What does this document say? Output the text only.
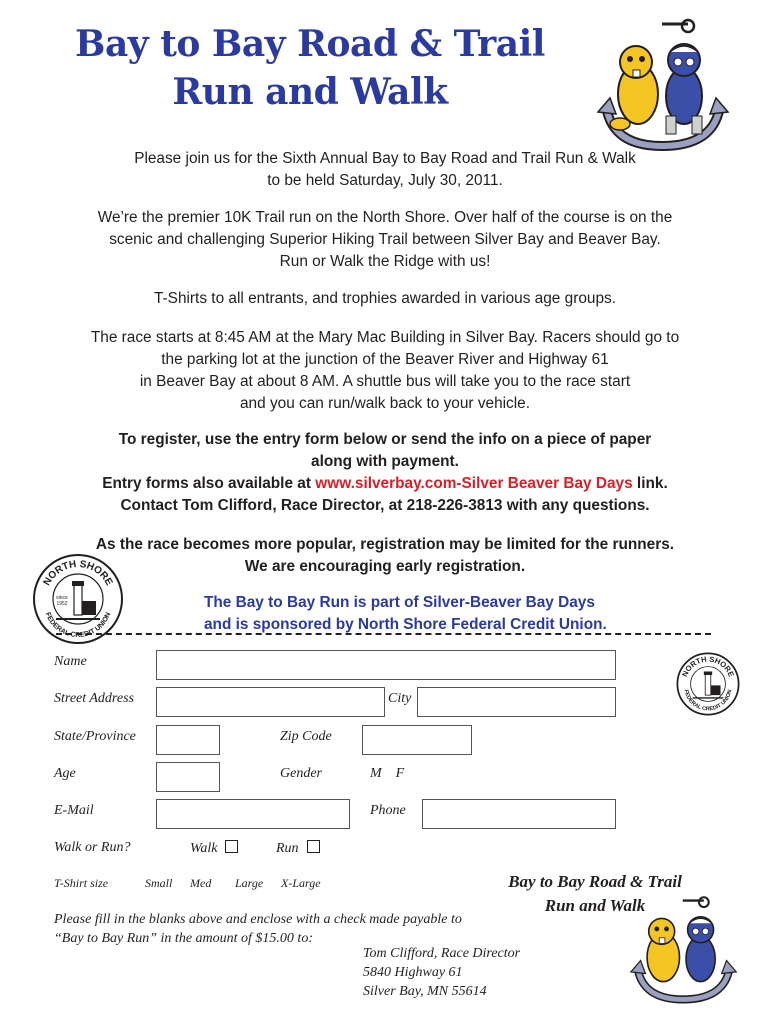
Bay to Bay Road & Trail
Run and Walk
Please join us for the Sixth Annual Bay to Bay Road and Trail Run & Walk
to be held Saturday, July 30, 2011.
We’re the premier 10K Trail run on the North Shore. Over half of the course is on the
scenic and challenging Superior Hiking Trail between Silver Bay and Beaver Bay.
Run or Walk the Ridge with us!
T-Shirts to all entrants, and trophies awarded in various age groups.
The race starts at 8:45 AM at the Mary Mac Building in Silver Bay. Racers should go to
the parking lot at the junction of the Beaver River and Highway 61
in Beaver Bay at about 8 AM. A shuttle bus will take you to the race start
and you can run/walk back to your vehicle.
To register, use the entry form below or send the info on a piece of paper
along with payment.
Entry forms also available at www.silverbay.com-Silver Beaver Bay Days link.
Contact Tom Clifford, Race Director, at 218-226-3813 with any questions.
As the race becomes more popular, registration may be limited for the runners.
We are encouraging early registration.
NORTH SHORE
FEDERAL CREDIT UNION
since
1952	The Bay to Bay Run is part of Silver-Beaver Bay Days
and is sponsored by North Shore Federal Credit Union.
NORTH SHORE
FEDERAL CREDIT UNION
Name
Street Address	City
State/Province	Zip Code
Age	Gender	M    F
E-Mail	Phone
Walk or Run?	Walk	Run
T-Shirt size	Small Med Large X-Large	Bay to Bay Road & Trail
Run and Walk
Please fill in the blanks above and enclose with a check made payable to
“Bay to Bay Run” in the amount of $15.00 to:
Tom Clifford, Race Director
5840 Highway 61
Silver Bay, MN 55614
